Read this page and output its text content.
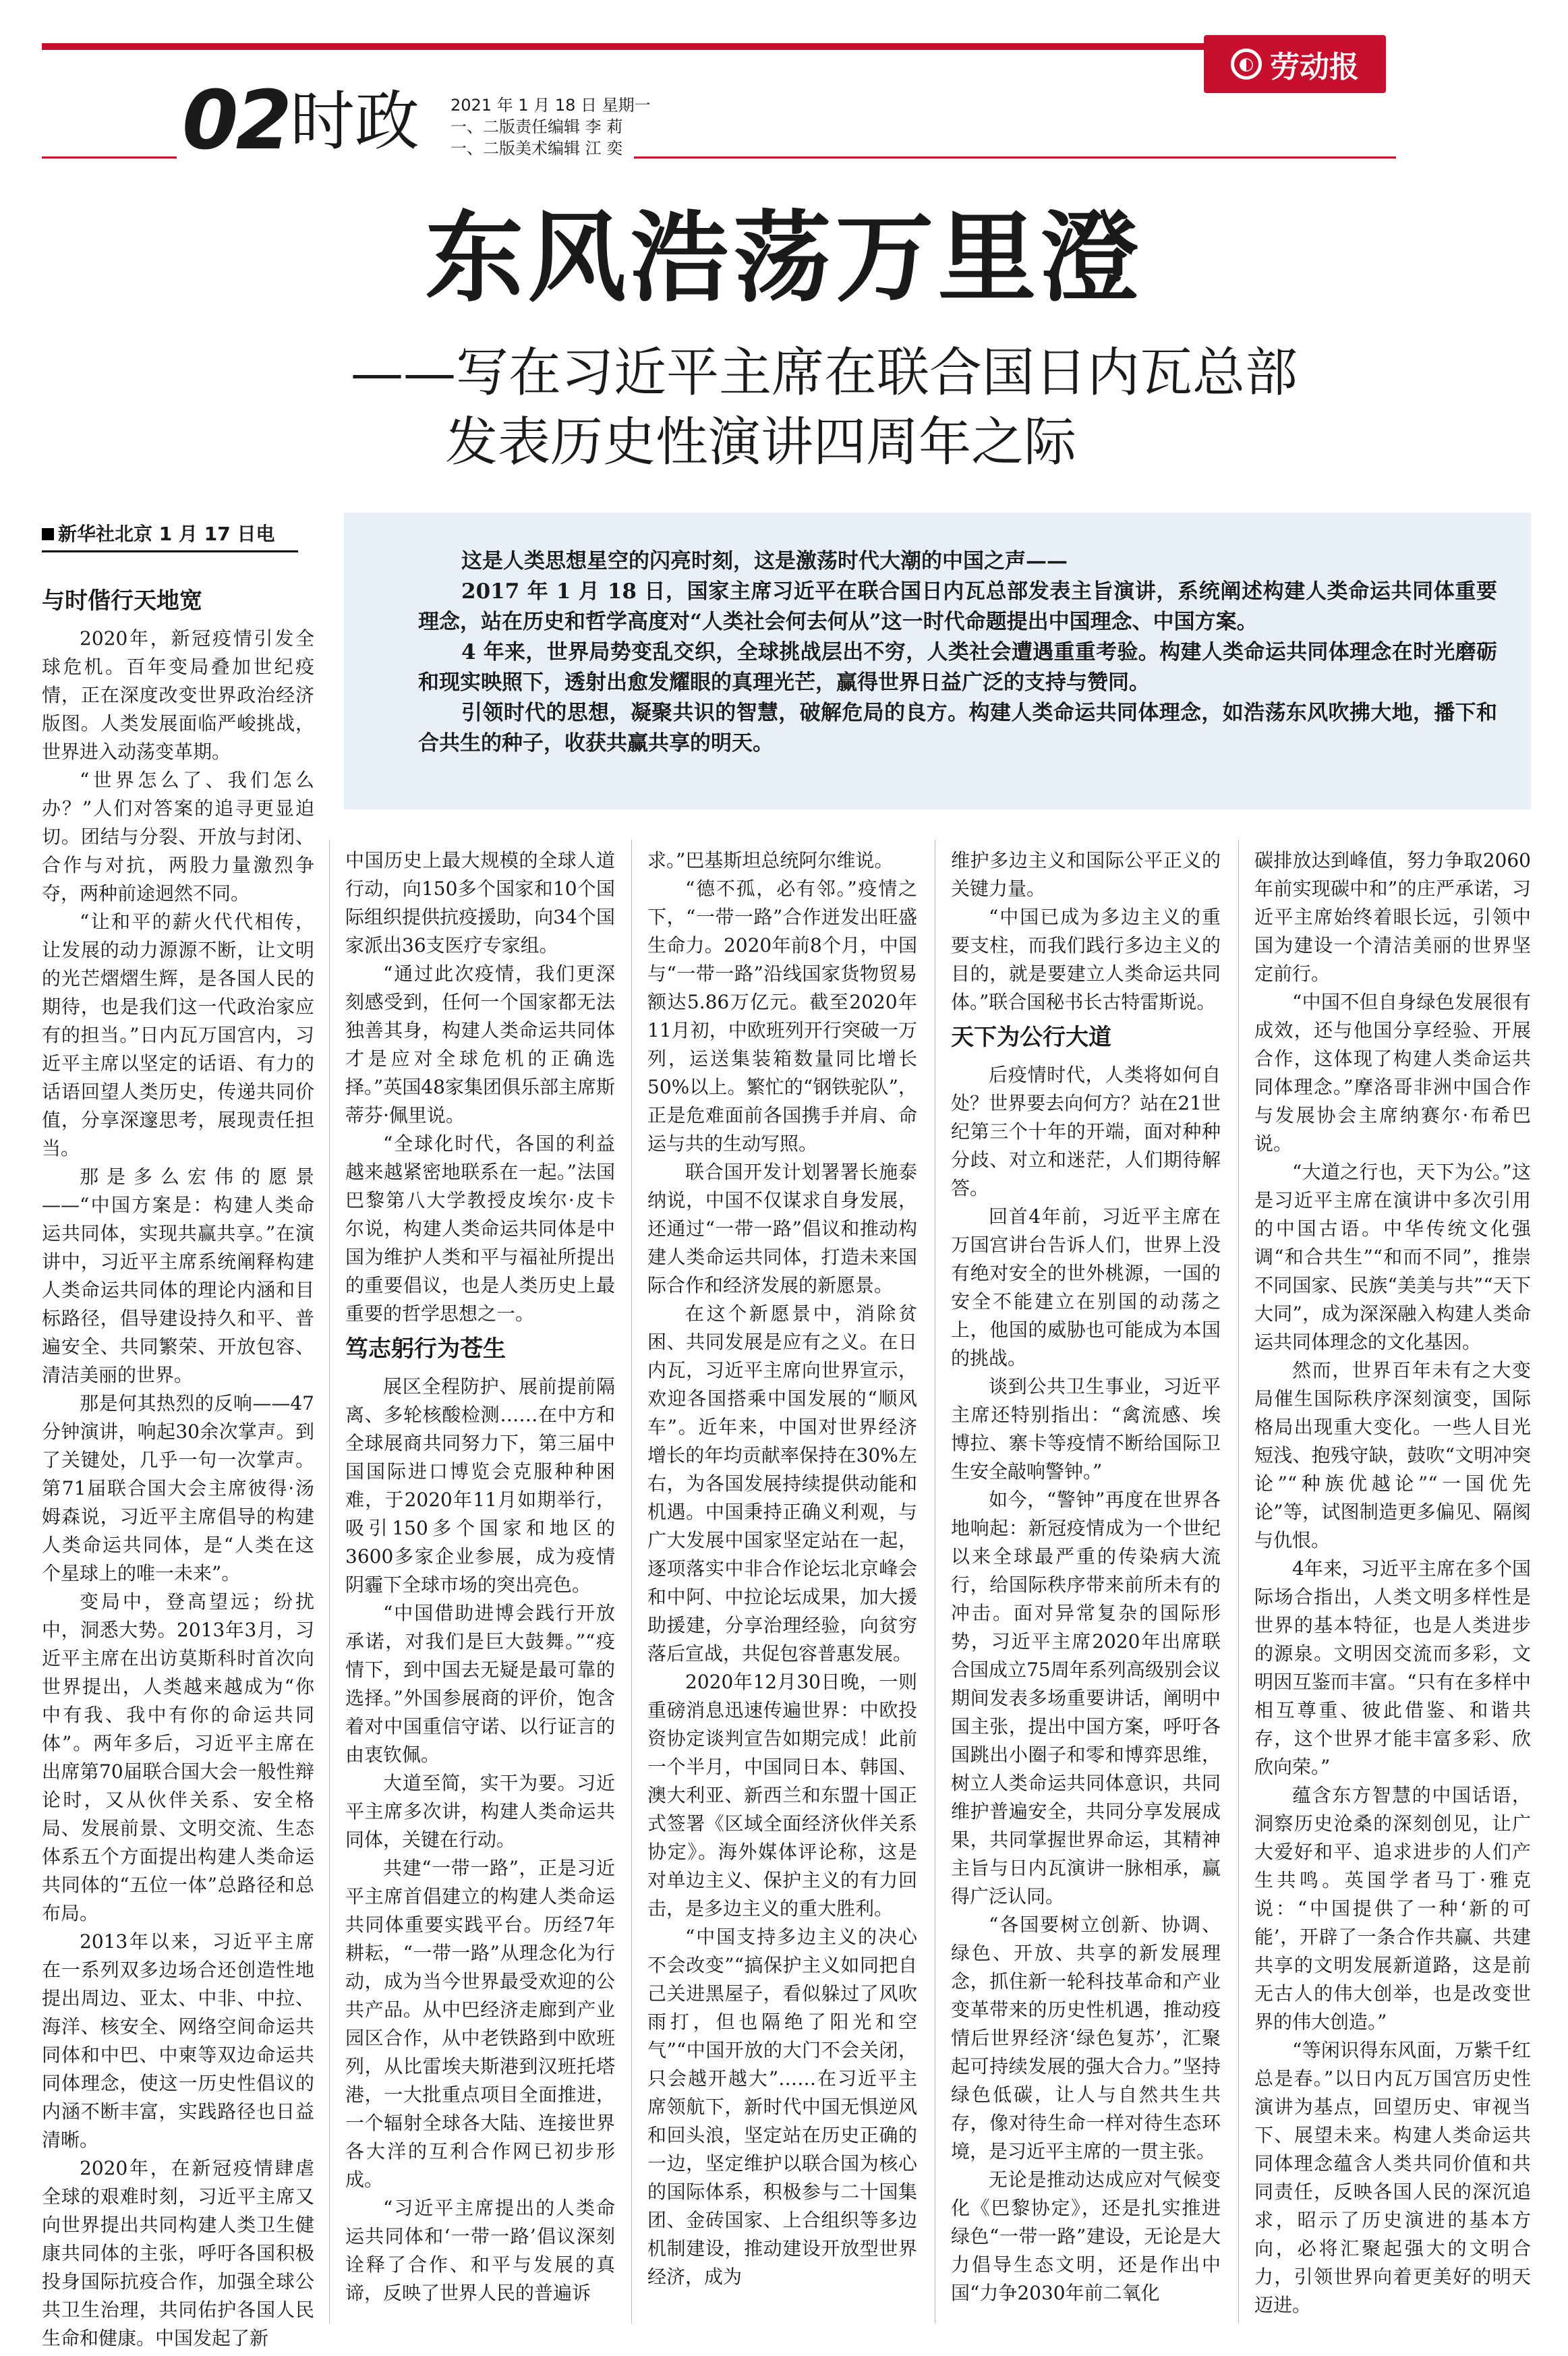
◐ 劳动报
02 时政 2021 年 1 月 18 日 星期一
一、二版责任编辑 李 莉
一、二版美术编辑 江 奕
东风浩荡万里澄
——写在习近平主席在联合国日内瓦总部
发表历史性演讲四周年之际
新华社北京 1 月 17 日电

这是人类思想星空的闪亮时刻，这是激荡时代大潮的中国之声——

2017 年 1 月 18 日，国家主席习近平在联合国日内瓦总部发表主旨演讲，系统阐述构建人类命运共同体重要理念，站在历史和哲学高度对“人类社会何去何从”这一时代命题提出中国理念、中国方案。

4 年来，世界局势变乱交织，全球挑战层出不穷，人类社会遭遇重重考验。构建人类命运共同体理念在时光磨砺和现实映照下，透射出愈发耀眼的真理光芒，赢得世界日益广泛的支持与赞同。

引领时代的思想，凝聚共识的智慧，破解危局的良方。构建人类命运共同体理念，如浩荡东风吹拂大地，播下和合共生的种子，收获共赢共享的明天。

与时偕行天地宽

2020年，新冠疫情引发全球危机。百年变局叠加世纪疫情，正在深度改变世界政治经济版图。人类发展面临严峻挑战，世界进入动荡变革期。

“世界怎么了、我们怎么办？”人们对答案的追寻更显迫切。团结与分裂、开放与封闭、合作与对抗，两股力量激烈争夺，两种前途迥然不同。

“让和平的薪火代代相传，让发展的动力源源不断，让文明的光芒熠熠生辉，是各国人民的期待，也是我们这一代政治家应有的担当。”日内瓦万国宫内，习近平主席以坚定的话语、有力的话语回望人类历史，传递共同价值，分享深邃思考，展现责任担当。

那是多么宏伟的愿景——“中国方案是：构建人类命运共同体，实现共赢共享。”在演讲中，习近平主席系统阐释构建人类命运共同体的理论内涵和目标路径，倡导建设持久和平、普遍安全、共同繁荣、开放包容、清洁美丽的世界。

那是何其热烈的反响——47分钟演讲，响起30余次掌声。到了关键处，几乎一句一次掌声。第71届联合国大会主席彼得·汤姆森说，习近平主席倡导的构建人类命运共同体，是“人类在这个星球上的唯一未来”。

变局中，登高望远；纷扰中，洞悉大势。2013年3月，习近平主席在出访莫斯科时首次向世界提出，人类越来越成为“你中有我、我中有你的命运共同体”。两年多后，习近平主席在出席第70届联合国大会一般性辩论时，又从伙伴关系、安全格局、发展前景、文明交流、生态体系五个方面提出构建人类命运共同体的“五位一体”总路径和总布局。

2013年以来，习近平主席在一系列双多边场合还创造性地提出周边、亚太、中非、中拉、海洋、核安全、网络空间命运共同体和中巴、中柬等双边命运共同体理念，使这一历史性倡议的内涵不断丰富，实践路径也日益清晰。

2020年，在新冠疫情肆虐全球的艰难时刻，习近平主席又向世界提出共同构建人类卫生健康共同体的主张，呼吁各国积极投身国际抗疫合作，加强全球公共卫生治理，共同佑护各国人民生命和健康。中国发起了新

中国历史上最大规模的全球人道行动，向150多个国家和10个国际组织提供抗疫援助，向34个国家派出36支医疗专家组。

“通过此次疫情，我们更深刻感受到，任何一个国家都无法独善其身，构建人类命运共同体才是应对全球危机的正确选择。”英国48家集团俱乐部主席斯蒂芬·佩里说。

“全球化时代，各国的利益越来越紧密地联系在一起。”法国巴黎第八大学教授皮埃尔·皮卡尔说，构建人类命运共同体是中国为维护人类和平与福祉所提出的重要倡议，也是人类历史上最重要的哲学思想之一。

笃志躬行为苍生

展区全程防护、展前提前隔离、多轮核酸检测……在中方和全球展商共同努力下，第三届中国国际进口博览会克服种种困难，于2020年11月如期举行，吸引150多个国家和地区的3600多家企业参展，成为疫情阴霾下全球市场的突出亮色。

“中国借助进博会践行开放承诺，对我们是巨大鼓舞。”“疫情下，到中国去无疑是最可靠的选择。”外国参展商的评价，饱含着对中国重信守诺、以行证言的由衷钦佩。

大道至简，实干为要。习近平主席多次讲，构建人类命运共同体，关键在行动。

共建“一带一路”，正是习近平主席首倡建立的构建人类命运共同体重要实践平台。历经7年耕耘，“一带一路”从理念化为行动，成为当今世界最受欢迎的公共产品。从中巴经济走廊到产业园区合作，从中老铁路到中欧班列，从比雷埃夫斯港到汉班托塔港，一大批重点项目全面推进，一个辐射全球各大陆、连接世界各大洋的互利合作网已初步形成。

“习近平主席提出的人类命运共同体和‘一带一路’倡议深刻诠释了合作、和平与发展的真谛，反映了世界人民的普遍诉

求。”巴基斯坦总统阿尔维说。

“德不孤，必有邻。”疫情之下，“一带一路”合作迸发出旺盛生命力。2020年前8个月，中国与“一带一路”沿线国家货物贸易额达5.86万亿元。截至2020年11月初，中欧班列开行突破一万列，运送集装箱数量同比增长50%以上。繁忙的“钢铁驼队”，正是危难面前各国携手并肩、命运与共的生动写照。

联合国开发计划署署长施泰纳说，中国不仅谋求自身发展，还通过“一带一路”倡议和推动构建人类命运共同体，打造未来国际合作和经济发展的新愿景。

在这个新愿景中，消除贫困、共同发展是应有之义。在日内瓦，习近平主席向世界宣示，欢迎各国搭乘中国发展的“顺风车”。近年来，中国对世界经济增长的年均贡献率保持在30%左右，为各国发展持续提供动能和机遇。中国秉持正确义利观，与广大发展中国家坚定站在一起，逐项落实中非合作论坛北京峰会和中阿、中拉论坛成果，加大援助援建，分享治理经验，向贫穷落后宣战，共促包容普惠发展。

2020年12月30日晚，一则重磅消息迅速传遍世界：中欧投资协定谈判宣告如期完成！此前一个半月，中国同日本、韩国、澳大利亚、新西兰和东盟十国正式签署《区域全面经济伙伴关系协定》。海外媒体评论称，这是对单边主义、保护主义的有力回击，是多边主义的重大胜利。

“中国支持多边主义的决心不会改变”“搞保护主义如同把自己关进黑屋子，看似躲过了风吹雨打，但也隔绝了阳光和空气”“中国开放的大门不会关闭，只会越开越大”……在习近平主席领航下，新时代中国无惧逆风和回头浪，坚定站在历史正确的一边，坚定维护以联合国为核心的国际体系，积极参与二十国集团、金砖国家、上合组织等多边机制建设，推动建设开放型世界经济，成为

维护多边主义和国际公平正义的关键力量。

“中国已成为多边主义的重要支柱，而我们践行多边主义的目的，就是要建立人类命运共同体。”联合国秘书长古特雷斯说。

天下为公行大道

后疫情时代，人类将如何自处？世界要去向何方？站在21世纪第三个十年的开端，面对种种分歧、对立和迷茫，人们期待解答。

回首4年前，习近平主席在万国宫讲台告诉人们，世界上没有绝对安全的世外桃源，一国的安全不能建立在别国的动荡之上，他国的威胁也可能成为本国的挑战。

谈到公共卫生事业，习近平主席还特别指出：“禽流感、埃博拉、寨卡等疫情不断给国际卫生安全敲响警钟。”

如今，“警钟”再度在世界各地响起：新冠疫情成为一个世纪以来全球最严重的传染病大流行，给国际秩序带来前所未有的冲击。面对异常复杂的国际形势，习近平主席2020年出席联合国成立75周年系列高级别会议期间发表多场重要讲话，阐明中国主张，提出中国方案，呼吁各国跳出小圈子和零和博弈思维，树立人类命运共同体意识，共同维护普遍安全，共同分享发展成果，共同掌握世界命运，其精神主旨与日内瓦演讲一脉相承，赢得广泛认同。

“各国要树立创新、协调、绿色、开放、共享的新发展理念，抓住新一轮科技革命和产业变革带来的历史性机遇，推动疫情后世界经济‘绿色复苏’，汇聚起可持续发展的强大合力。”坚持绿色低碳，让人与自然共生共存，像对待生命一样对待生态环境，是习近平主席的一贯主张。

无论是推动达成应对气候变化《巴黎协定》，还是扎实推进绿色“一带一路”建设，无论是大力倡导生态文明，还是作出中国“力争2030年前二氧化

碳排放达到峰值，努力争取2060年前实现碳中和”的庄严承诺，习近平主席始终着眼长远，引领中国为建设一个清洁美丽的世界坚定前行。

“中国不但自身绿色发展很有成效，还与他国分享经验、开展合作，这体现了构建人类命运共同体理念。”摩洛哥非洲中国合作与发展协会主席纳赛尔·布希巴说。

“大道之行也，天下为公。”这是习近平主席在演讲中多次引用的中国古语。中华传统文化强调“和合共生”“和而不同”，推崇不同国家、民族“美美与共”“天下大同”，成为深深融入构建人类命运共同体理念的文化基因。

然而，世界百年未有之大变局催生国际秩序深刻演变，国际格局出现重大变化。一些人目光短浅、抱残守缺，鼓吹“文明冲突论”“种族优越论”“一国优先论”等，试图制造更多偏见、隔阂与仇恨。

4年来，习近平主席在多个国际场合指出，人类文明多样性是世界的基本特征，也是人类进步的源泉。文明因交流而多彩，文明因互鉴而丰富。“只有在多样中相互尊重、彼此借鉴、和谐共存，这个世界才能丰富多彩、欣欣向荣。”

蕴含东方智慧的中国话语，洞察历史沧桑的深刻创见，让广大爱好和平、追求进步的人们产生共鸣。英国学者马丁·雅克说：“中国提供了一种‘新的可能’，开辟了一条合作共赢、共建共享的文明发展新道路，这是前无古人的伟大创举，也是改变世界的伟大创造。”

“等闲识得东风面，万紫千红总是春。”以日内瓦万国宫历史性演讲为基点，回望历史、审视当下、展望未来。构建人类命运共同体理念蕴含人类共同价值和共同责任，反映各国人民的深沉追求，昭示了历史演进的基本方向，必将汇聚起强大的文明合力，引领世界向着更美好的明天迈进。
